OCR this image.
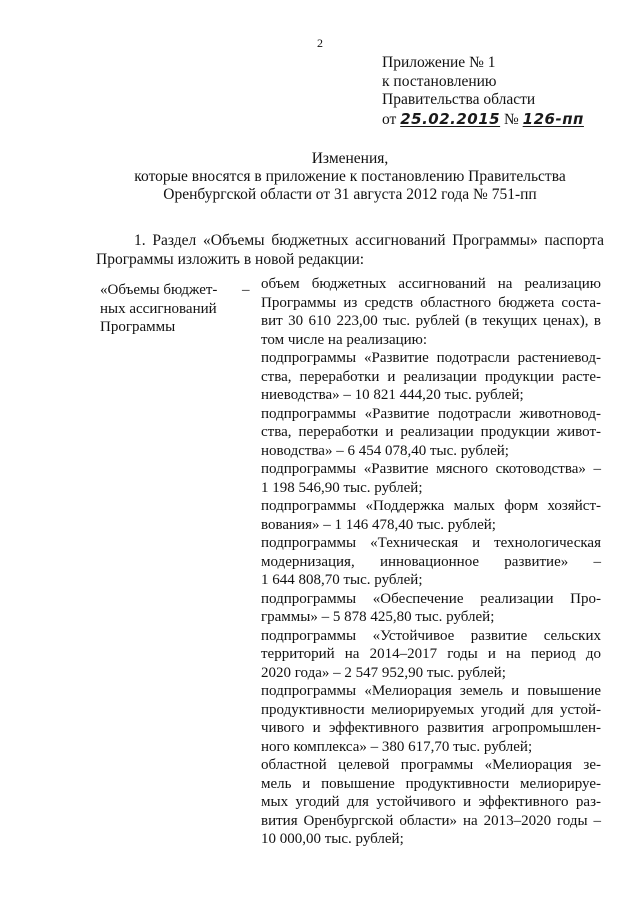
2
Приложение № 1
к постановлению
Правительства области
от 25.02.2015 № 126-пп
Изменения,
которые вносятся в приложение к постановлению Правительства
Оренбургской области от 31 августа 2012 года № 751-пп
1. Раздел «Объемы бюджетных ассигнований Программы» паспорта
Программы изложить в новой редакции:
«Объемы бюджет-
ных ассигнований
Программы
– объем бюджетных ассигнований на реализацию
Программы из средств областного бюджета соста-
вит 30 610 223,00 тыс. рублей (в текущих ценах), в
том числе на реализацию:
подпрограммы «Развитие подотрасли растениевод-
ства, переработки и реализации продукции расте-
ниеводства» – 10 821 444,20 тыс. рублей;
подпрограммы «Развитие подотрасли животновод-
ства, переработки и реализации продукции живот-
новодства» – 6 454 078,40 тыс. рублей;
подпрограммы «Развитие мясного скотоводства» –
1 198 546,90 тыс. рублей;
подпрограммы «Поддержка малых форм хозяйст-
вования» – 1 146 478,40 тыс. рублей;
подпрограммы «Техническая и технологическая
модернизация, инновационное развитие» –
1 644 808,70 тыс. рублей;
подпрограммы «Обеспечение реализации Про-
граммы» – 5 878 425,80 тыс. рублей;
подпрограммы «Устойчивое развитие сельских
территорий на 2014–2017 годы и на период до
2020 года» – 2 547 952,90 тыс. рублей;
подпрограммы «Мелиорация земель и повышение
продуктивности мелиорируемых угодий для устой-
чивого и эффективного развития агропромышлен-
ного комплекса» – 380 617,70 тыс. рублей;
областной целевой программы «Мелиорация зе-
мель и повышение продуктивности мелиорируе-
мых угодий для устойчивого и эффективного раз-
вития Оренбургской области» на 2013–2020 годы –
10 000,00 тыс. рублей;
